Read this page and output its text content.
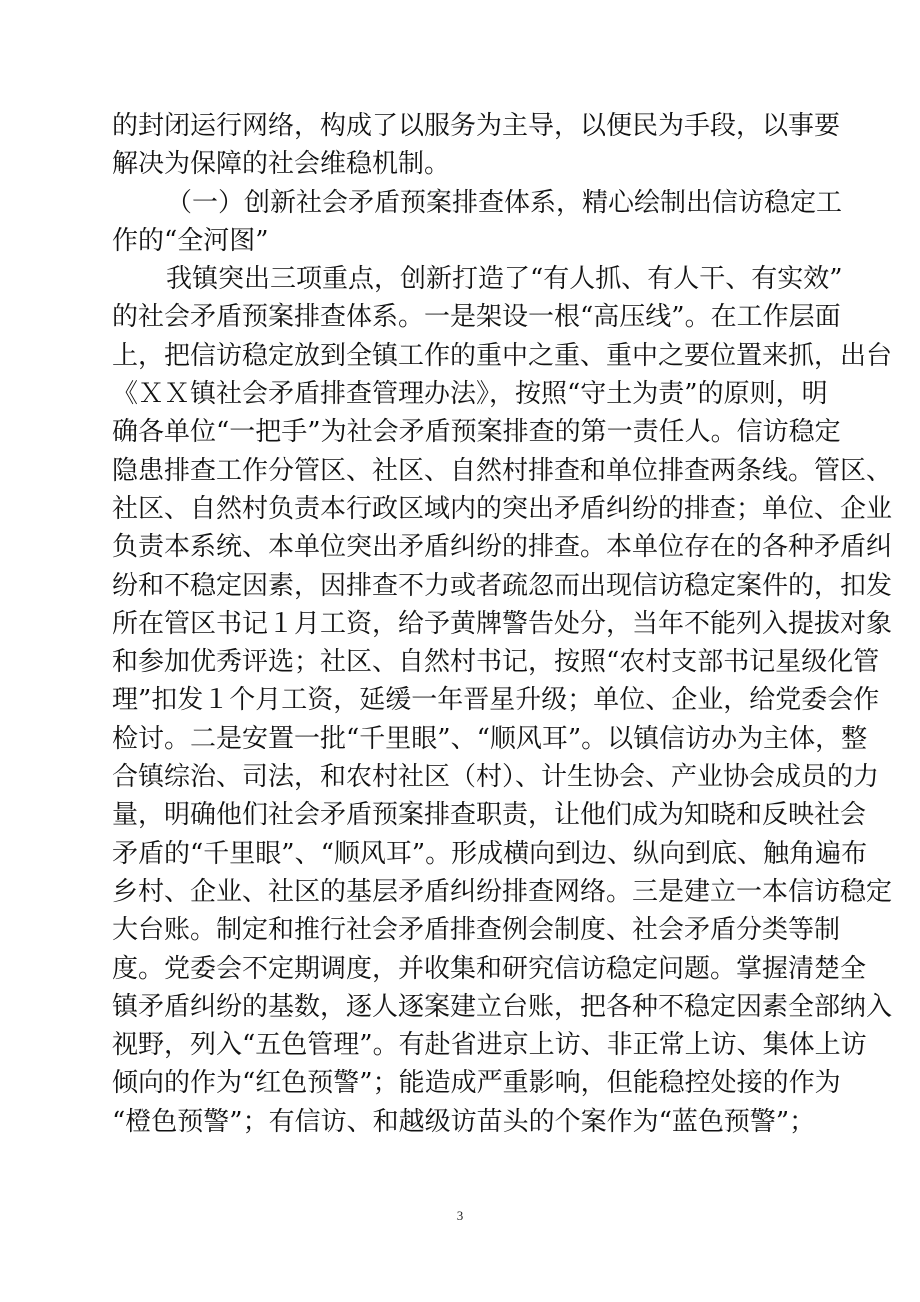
的封闭运行网络，构成了以服务为主导，以便民为手段，以事要
解决为保障的社会维稳机制。
（一）创新社会矛盾预案排查体系，精心绘制出信访稳定工
作的“全河图”
我镇突出三项重点，创新打造了“有人抓、有人干、有实效”
的社会矛盾预案排查体系。一是架设一根“高压线”。在工作层面
上，把信访稳定放到全镇工作的重中之重、重中之要位置来抓，出台
《ＸＸ镇社会矛盾排查管理办法》，按照“守土为责”的原则，明
确各单位“一把手”为社会矛盾预案排查的第一责任人。信访稳定
隐患排查工作分管区、社区、自然村排查和单位排查两条线。管区、
社区、自然村负责本行政区域内的突出矛盾纠纷的排查；单位、企业
负责本系统、本单位突出矛盾纠纷的排查。本单位存在的各种矛盾纠
纷和不稳定因素，因排查不力或者疏忽而出现信访稳定案件的，扣发
所在管区书记１月工资，给予黄牌警告处分，当年不能列入提拔对象
和参加优秀评选；社区、自然村书记，按照“农村支部书记星级化管
理”扣发１个月工资，延缓一年晋星升级；单位、企业，给党委会作
检讨。二是安置一批“千里眼”、“顺风耳”。以镇信访办为主体，整
合镇综治、司法，和农村社区（村）、计生协会、产业协会成员的力
量，明确他们社会矛盾预案排查职责，让他们成为知晓和反映社会
矛盾的“千里眼”、“顺风耳”。形成横向到边、纵向到底、触角遍布
乡村、企业、社区的基层矛盾纠纷排查网络。三是建立一本信访稳定
大台账。制定和推行社会矛盾排查例会制度、社会矛盾分类等制
度。党委会不定期调度，并收集和研究信访稳定问题。掌握清楚全
镇矛盾纠纷的基数，逐人逐案建立台账，把各种不稳定因素全部纳入
视野，列入“五色管理”。有赴省进京上访、非正常上访、集体上访
倾向的作为“红色预警”；能造成严重影响，但能稳控处接的作为
“橙色预警”；有信访、和越级访苗头的个案作为“蓝色预警”；
3
